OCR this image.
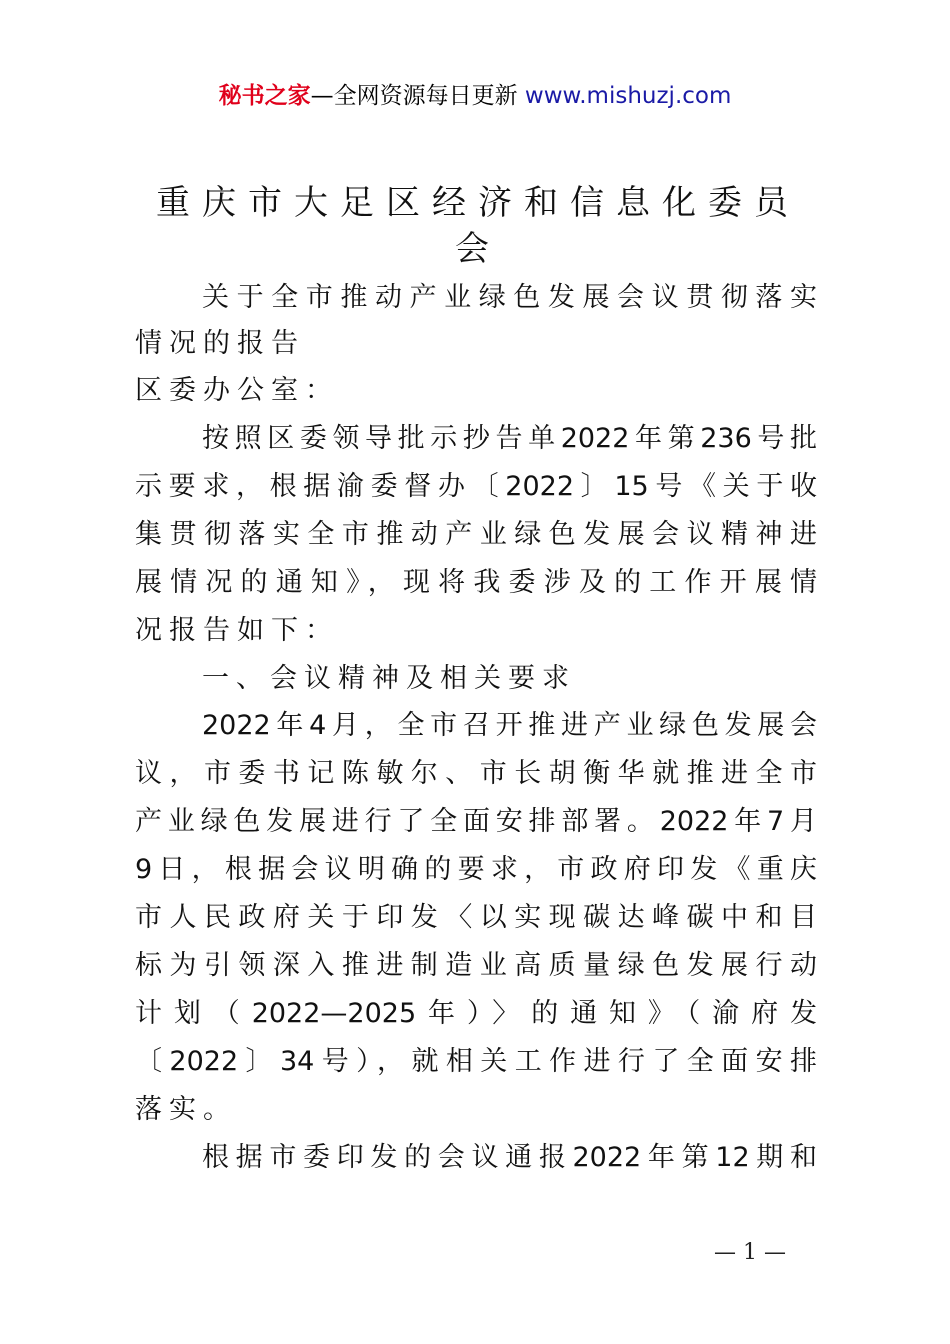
秘书之家—全网资源每日更新 www.mishuzj.com
重庆市大足区经济和信息化委员会
关于全市推动产业绿色发展会议贯彻落实
情况的报告
区委办公室：
按照区委领导批示抄告单2022年第236号批
示要求，根据渝委督办〔2022〕15号《关于收
集贯彻落实全市推动产业绿色发展会议精神进
展情况的通知》，现将我委涉及的工作开展情
况报告如下：
一、会议精神及相关要求
2022年4月，全市召开推进产业绿色发展会
议，市委书记陈敏尔、市长胡衡华就推进全市
产业绿色发展进行了全面安排部署。2022年7月
9日，根据会议明确的要求，市政府印发《重庆
市人民政府关于印发〈以实现碳达峰碳中和目
标为引领深入推进制造业高质量绿色发展行动
计划（2022—2025年）〉的通知》（渝府发
〔2022〕34号），就相关工作进行了全面安排
落实。
根据市委印发的会议通报2022年第12期和
— 1 —
